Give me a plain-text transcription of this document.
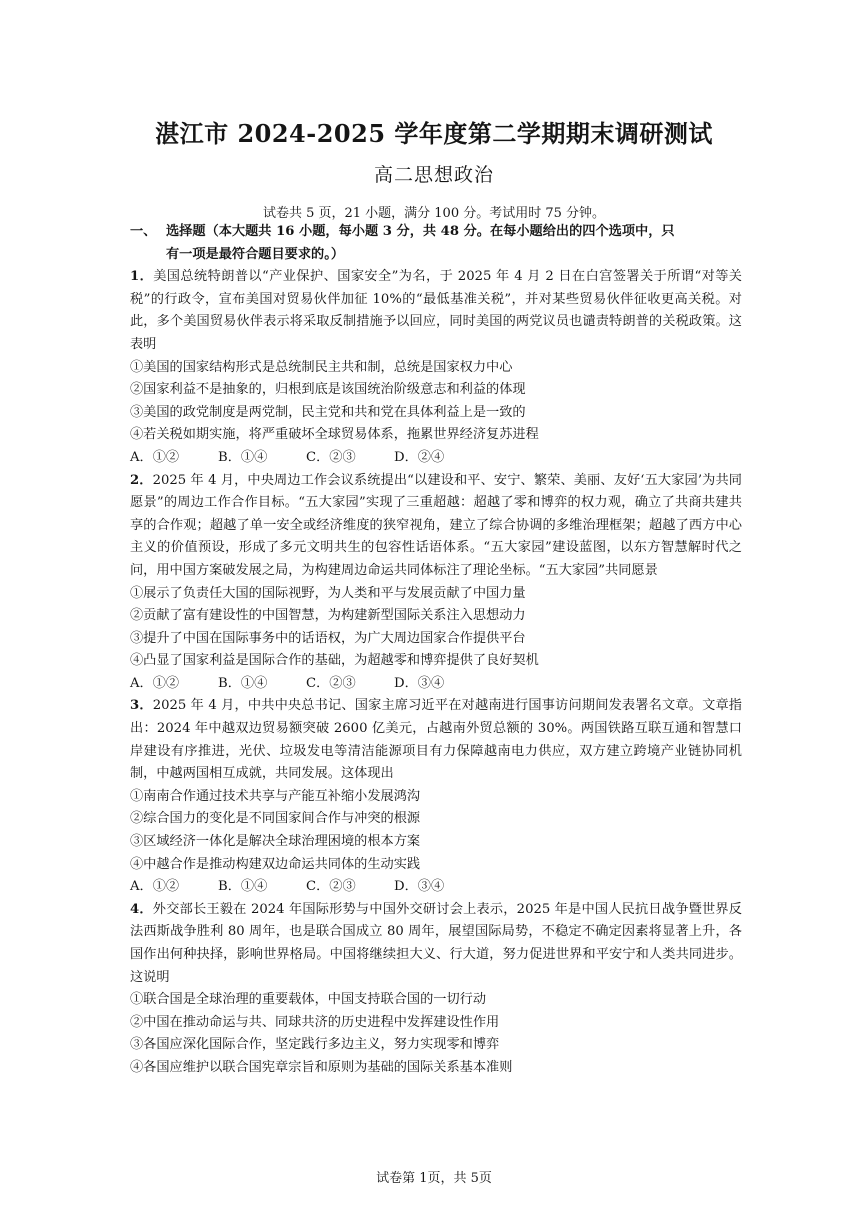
湛江市 2024-2025 学年度第二学期期末调研测试
高二思想政治
试卷共 5 页，21 小题，满分 100 分。考试用时 75 分钟。
一、 选择题（本大题共 16 小题，每小题 3 分，共 48 分。在每小题给出的四个选项中，只
有一项是最符合题目要求的。）
1．美国总统特朗普以“产业保护、国家安全”为名，于 2025 年 4 月 2 日在白宫签署关于所谓“对等关税”的行政令，宣布美国对贸易伙伴加征 10%的“最低基准关税”，并对某些贸易伙伴征收更高关税。对此，多个美国贸易伙伴表示将采取反制措施予以回应，同时美国的两党议员也谴责特朗普的关税政策。这表明
①美国的国家结构形式是总统制民主共和制，总统是国家权力中心
②国家利益不是抽象的，归根到底是该国统治阶级意志和利益的体现
③美国的政党制度是两党制，民主党和共和党在具体利益上是一致的
④若关税如期实施，将严重破坏全球贸易体系，拖累世界经济复苏进程
A．①②	B．①④	C．②③	D．②④
2．2025 年 4 月，中央周边工作会议系统提出“以建设和平、安宁、繁荣、美丽、友好‘五大家园’为共同愿景”的周边工作合作目标。“五大家园”实现了三重超越：超越了零和博弈的权力观，确立了共商共建共享的合作观；超越了单一安全或经济维度的狭窄视角，建立了综合协调的多维治理框架；超越了西方中心主义的价值预设，形成了多元文明共生的包容性话语体系。“五大家园”建设蓝图，以东方智慧解时代之问，用中国方案破发展之局，为构建周边命运共同体标注了理论坐标。“五大家园”共同愿景
①展示了负责任大国的国际视野，为人类和平与发展贡献了中国力量
②贡献了富有建设性的中国智慧，为构建新型国际关系注入思想动力
③提升了中国在国际事务中的话语权，为广大周边国家合作提供平台
④凸显了国家利益是国际合作的基础，为超越零和博弈提供了良好契机
A．①②	B．①④	C．②③	D．③④
3．2025 年 4 月，中共中央总书记、国家主席习近平在对越南进行国事访问期间发表署名文章。文章指出：2024 年中越双边贸易额突破 2600 亿美元，占越南外贸总额的 30%。两国铁路互联互通和智慧口岸建设有序推进，光伏、垃圾发电等清洁能源项目有力保障越南电力供应，双方建立跨境产业链协同机制，中越两国相互成就，共同发展。这体现出
①南南合作通过技术共享与产能互补缩小发展鸿沟
②综合国力的变化是不同国家间合作与冲突的根源
③区域经济一体化是解决全球治理困境的根本方案
④中越合作是推动构建双边命运共同体的生动实践
A．①②	B．①④	C．②③	D．③④
4．外交部长王毅在 2024 年国际形势与中国外交研讨会上表示，2025 年是中国人民抗日战争暨世界反法西斯战争胜利 80 周年，也是联合国成立 80 周年，展望国际局势，不稳定不确定因素将显著上升，各国作出何种抉择，影响世界格局。中国将继续担大义、行大道，努力促进世界和平安宁和人类共同进步。这说明
①联合国是全球治理的重要载体，中国支持联合国的一切行动
②中国在推动命运与共、同球共济的历史进程中发挥建设性作用
③各国应深化国际合作，坚定践行多边主义，努力实现零和博弈
④各国应维护以联合国宪章宗旨和原则为基础的国际关系基本准则
试卷第 1页，共 5页
